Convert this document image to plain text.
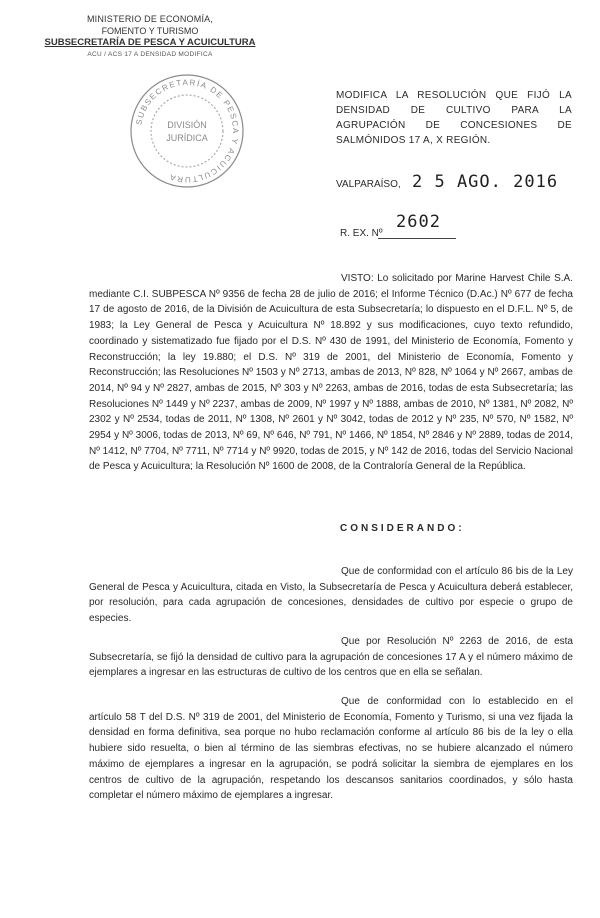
MINISTERIO DE ECONOMÍA,
FOMENTO Y TURISMO
SUBSECRETARÍA DE PESCA Y ACUICULTURA
ACU / ACS 17 A DENSIDAD MODIFICA
SUBSECRETARÍA DE PESCA Y ACUICULTURA
DIVISIÓN
JURÍDICA
MODIFICA LA RESOLUCIÓN QUE FIJÓ LA DENSIDAD DE CULTIVO PARA LA AGRUPACIÓN DE CONCESIONES DE SALMÓNIDOS 17 A, X REGIÓN.
VALPARAÍSO, 2 5 AGO. 2016
R. EX. Nº
2602
VISTO: Lo solicitado por Marine Harvest Chile S.A. mediante C.I. SUBPESCA Nº 9356 de fecha 28 de julio de 2016; el Informe Técnico (D.Ac.) Nº 677 de fecha 17 de agosto de 2016, de la División de Acuicultura de esta Subsecretaría; lo dispuesto en el D.F.L. Nº 5, de 1983; la Ley General de Pesca y Acuicultura Nº 18.892 y sus modificaciones, cuyo texto refundido, coordinado y sistematizado fue fijado por el D.S. Nº 430 de 1991, del Ministerio de Economía, Fomento y Reconstrucción; la ley 19.880; el D.S. Nº 319 de 2001, del Ministerio de Economía, Fomento y Reconstrucción; las Resoluciones Nº 1503 y Nº 2713, ambas de 2013, Nº 828, Nº 1064 y Nº 2667, ambas de 2014, Nº 94 y Nº 2827, ambas de 2015, Nº 303 y Nº 2263, ambas de 2016, todas de esta Subsecretaría; las Resoluciones Nº 1449 y Nº 2237, ambas de 2009, Nº 1997 y Nº 1888, ambas de 2010, Nº 1381, Nº 2082, Nº 2302 y Nº 2534, todas de 2011, Nº 1308, Nº 2601 y Nº 3042, todas de 2012 y Nº 235, Nº 570, Nº 1582, Nº 2954 y Nº 3006, todas de 2013, Nº 69, Nº 646, Nº 791, Nº 1466, Nº 1854, Nº 2846 y Nº 2889, todas de 2014, Nº 1412, Nº 7704, Nº 7711, Nº 7714 y Nº 9920, todas de 2015, y Nº 142 de 2016, todas del Servicio Nacional de Pesca y Acuicultura; la Resolución Nº 1600 de 2008, de la Contraloría General de la República.
CONSIDERANDO:
Que de conformidad con el artículo 86 bis de la Ley General de Pesca y Acuicultura, citada en Visto, la Subsecretaría de Pesca y Acuicultura deberá establecer, por resolución, para cada agrupación de concesiones, densidades de cultivo por especie o grupo de especies.
Que por Resolución Nº 2263 de 2016, de esta Subsecretaría, se fijó la densidad de cultivo para la agrupación de concesiones 17 A y el número máximo de ejemplares a ingresar en las estructuras de cultivo de los centros que en ella se señalan.
Que de conformidad con lo establecido en el artículo 58 T del D.S. Nº 319 de 2001, del Ministerio de Economía, Fomento y Turismo, si una vez fijada la densidad en forma definitiva, sea porque no hubo reclamación conforme al artículo 86 bis de la ley o ella hubiere sido resuelta, o bien al término de las siembras efectivas, no se hubiere alcanzado el número máximo de ejemplares a ingresar en la agrupación, se podrá solicitar la siembra de ejemplares en los centros de cultivo de la agrupación, respetando los descansos sanitarios coordinados, y sólo hasta completar el número máximo de ejemplares a ingresar.
